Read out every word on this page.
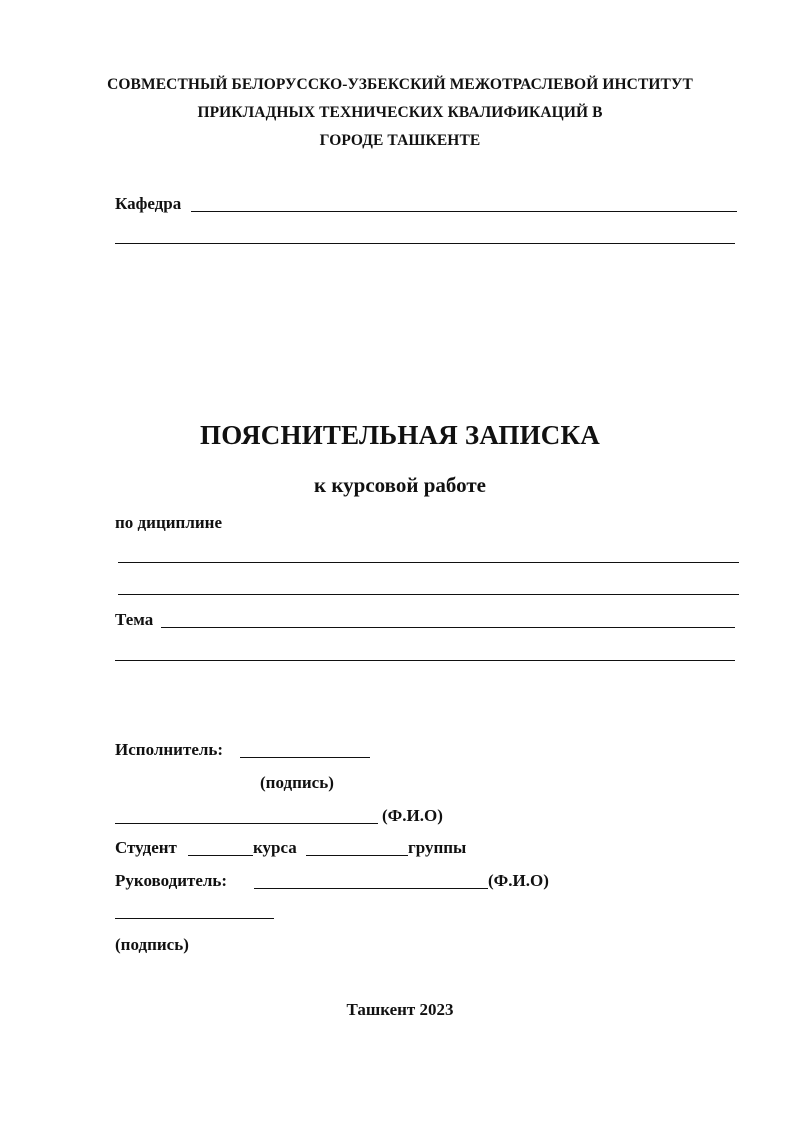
СОВМЕСТНЫЙ БЕЛОРУССКО-УЗБЕКСКИЙ МЕЖОТРАСЛЕВОЙ ИНСТИТУТ
ПРИКЛАДНЫХ ТЕХНИЧЕСКИХ КВАЛИФИКАЦИЙ В
ГОРОДЕ ТАШКЕНТЕ
Кафедра
ПОЯСНИТЕЛЬНАЯ ЗАПИСКА
к курсовой работе
по дициплине
Тема
Исполнитель:
(подпись)
(Ф.И.О)
Студент	курса	группы
Руководитель:	(Ф.И.О)
(подпись)
Ташкент 2023
